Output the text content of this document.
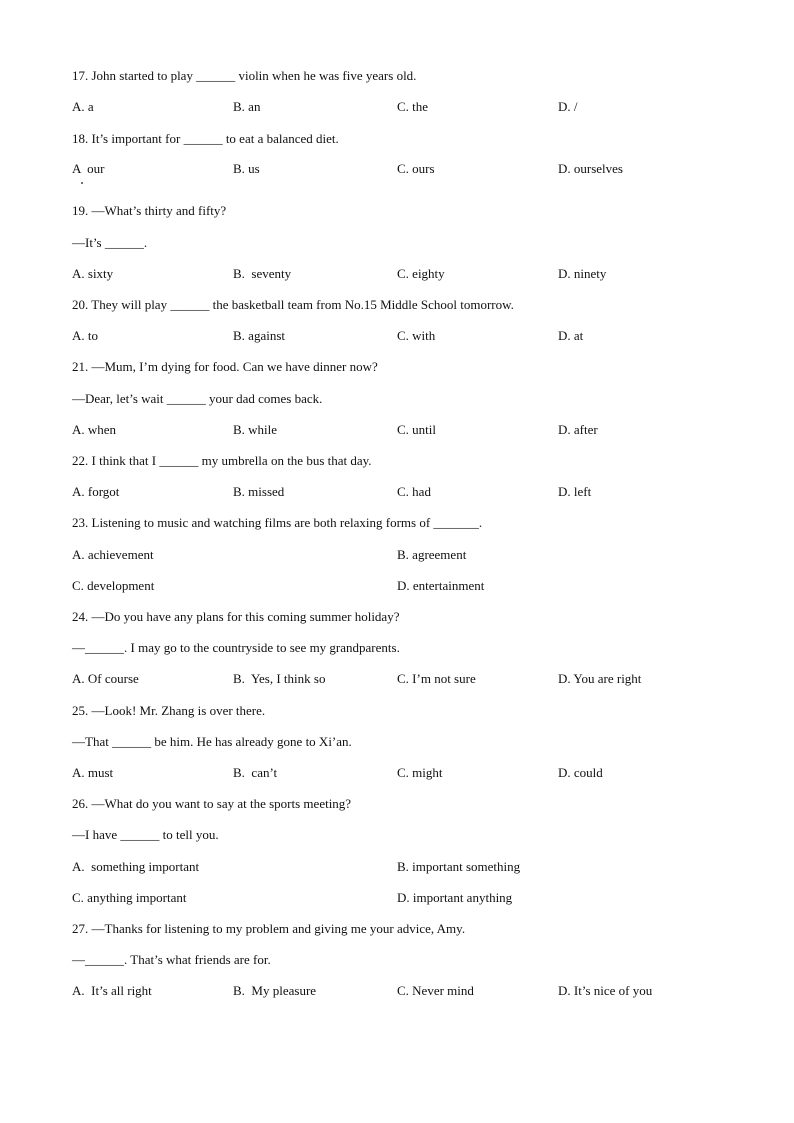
17. John started to play ______ violin when he was five years old.
A. a	B. an	C. the	D. /
18. It’s important for ______ to eat a balanced diet.
A  our	B. us	C. ours	D. ourselves
19. —What’s thirty and fifty?
—It’s ______.
A. sixty	B.  seventy	C. eighty	D. ninety
20. They will play ______ the basketball team from No.15 Middle School tomorrow.
A. to	B. against	C. with	D. at
21. —Mum, I’m dying for food. Can we have dinner now?
—Dear, let’s wait ______ your dad comes back.
A. when	B. while	C. until	D. after
22. I think that I ______ my umbrella on the bus that day.
A. forgot	B. missed	C. had	D. left
23. Listening to music and watching films are both relaxing forms of _______.
A. achievement	B. agreement
C. development	D. entertainment
24. —Do you have any plans for this coming summer holiday?
—______. I may go to the countryside to see my grandparents.
A. Of course	B.  Yes, I think so	C. I’m not sure	D. You are right
25. —Look! Mr. Zhang is over there.
—That ______ be him. He has already gone to Xi’an.
A. must	B.  can’t	C. might	D. could
26. —What do you want to say at the sports meeting?
—I have ______ to tell you.
A.  something important	B. important something
C. anything important	D. important anything
27. —Thanks for listening to my problem and giving me your advice, Amy.
—______. That’s what friends are for.
A.  It’s all right	B.  My pleasure	C. Never mind	D. It’s nice of you
